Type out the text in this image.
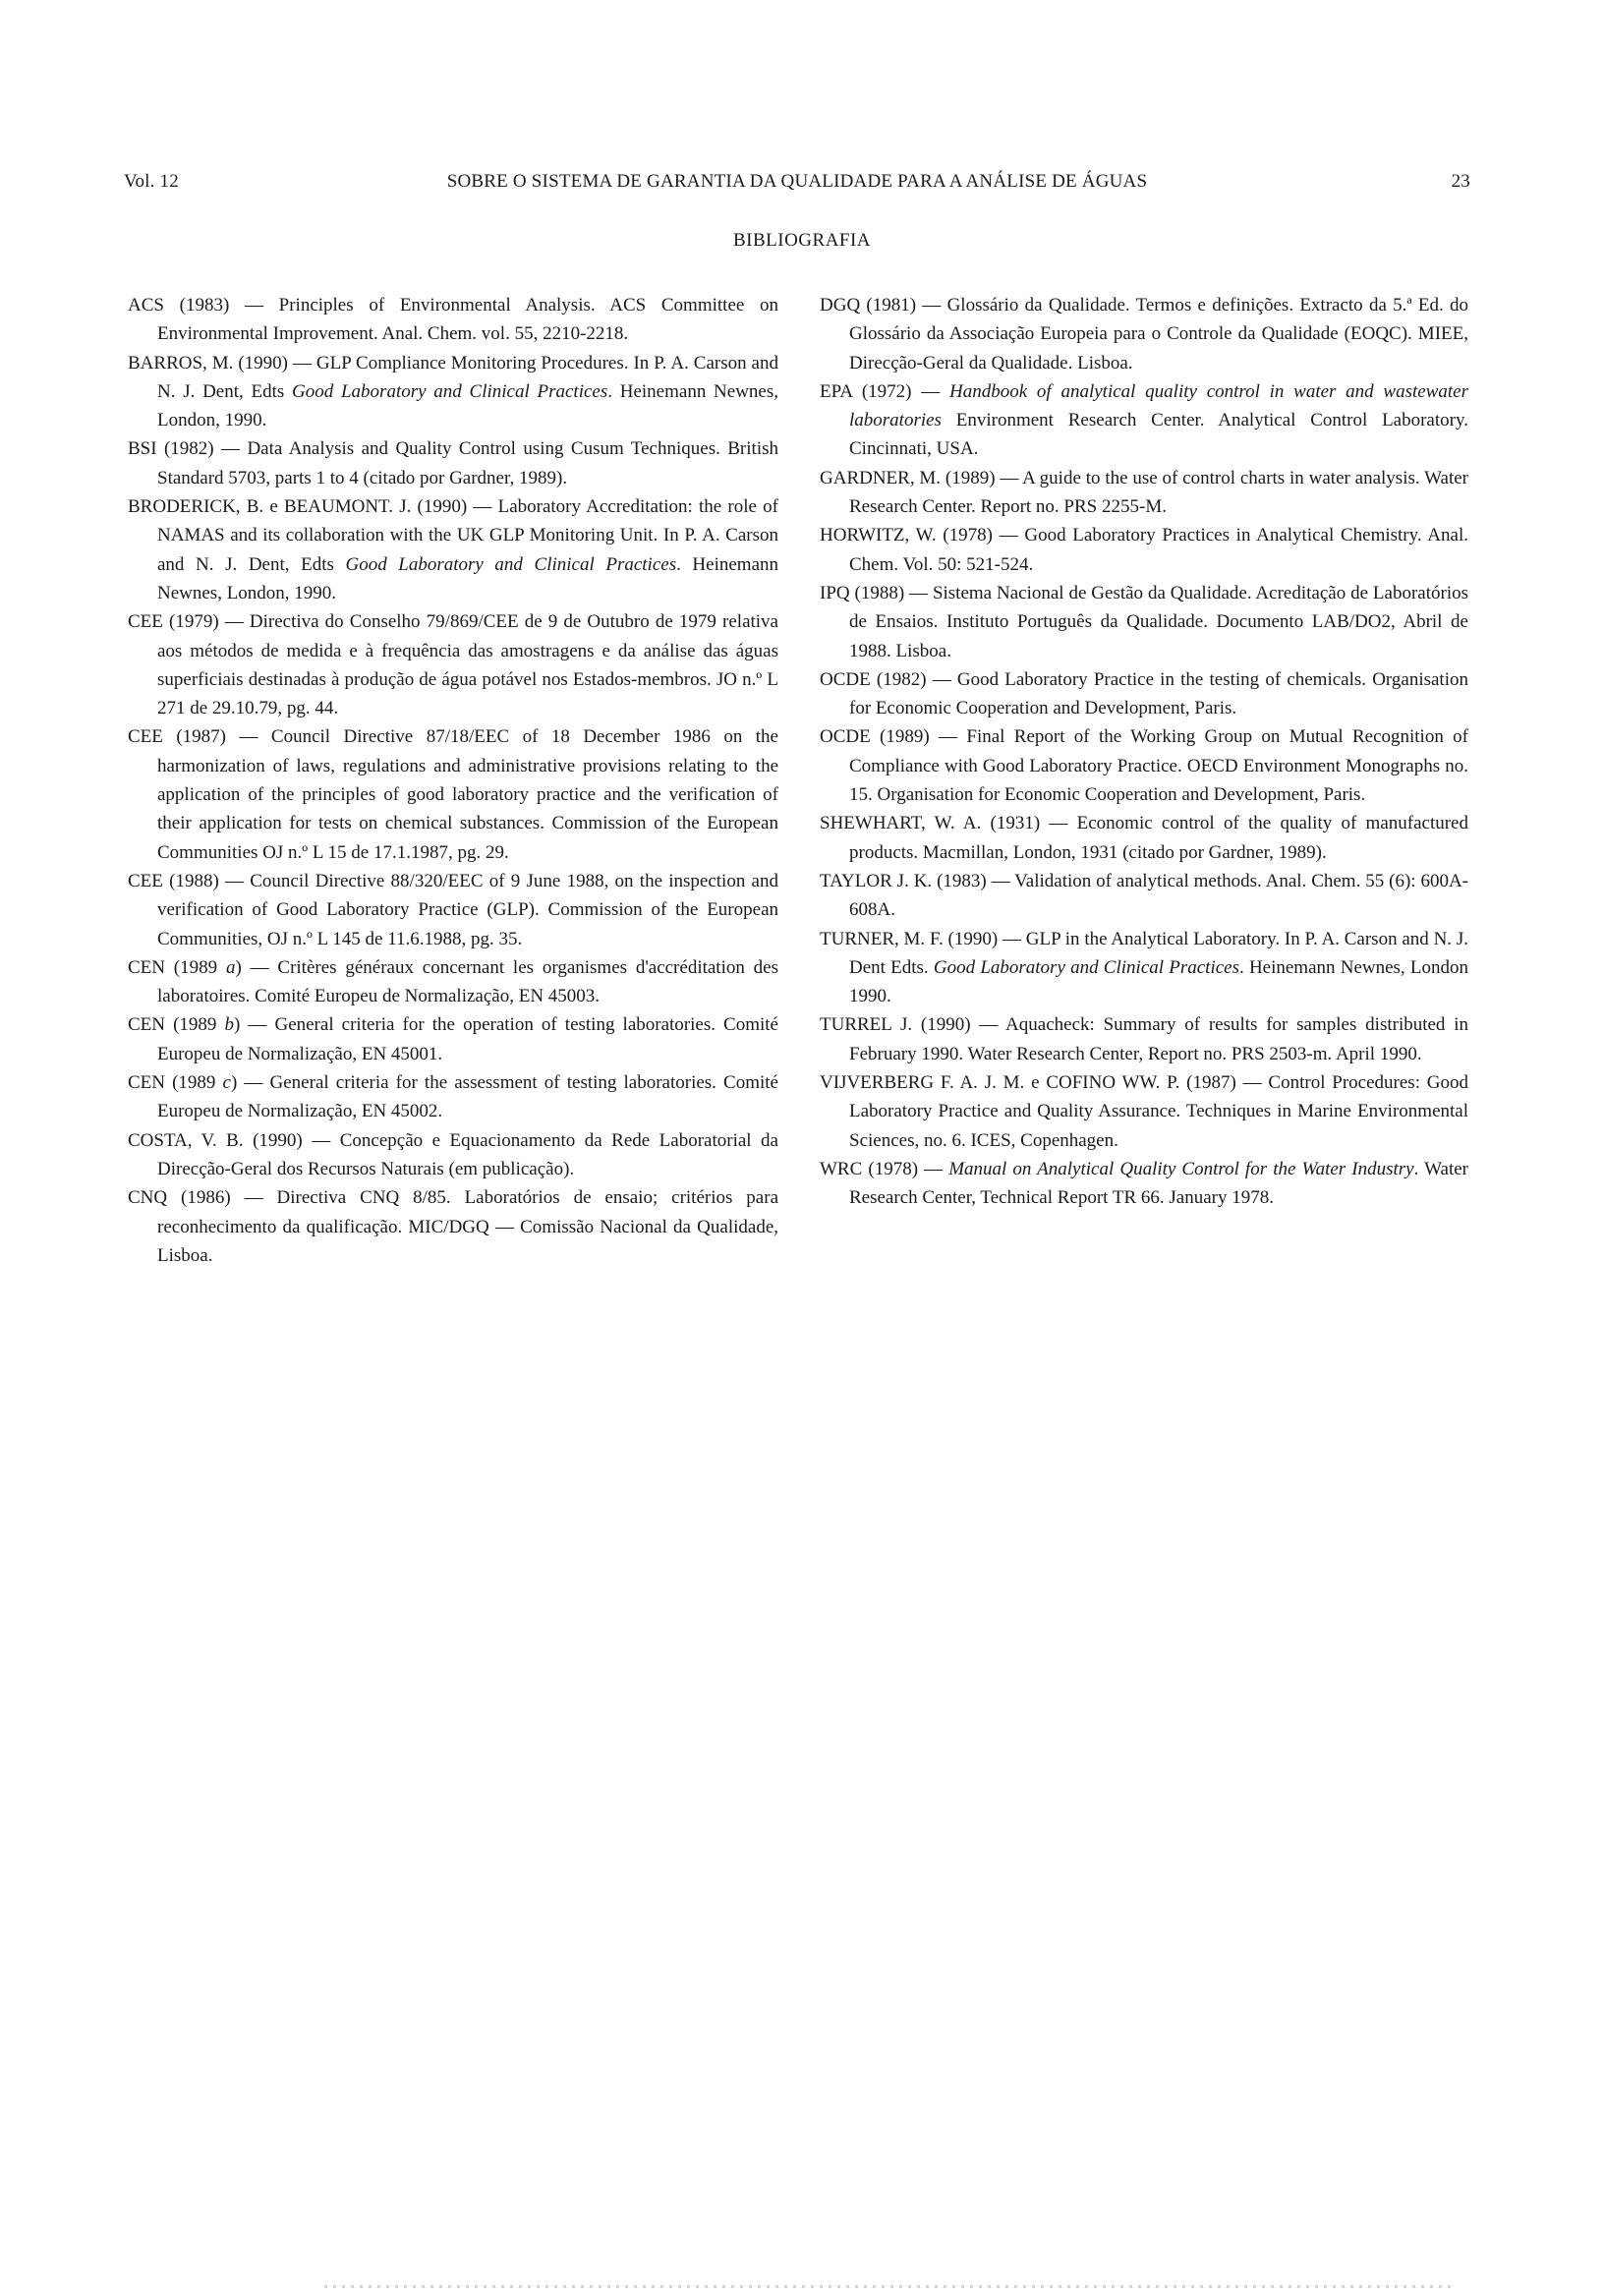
Vol. 12	SOBRE O SISTEMA DE GARANTIA DA QUALIDADE PARA A ANÁLISE DE ÁGUAS	23
BIBLIOGRAFIA

ACS (1983) — Principles of Environmental Analysis. ACS Committee on Environmental Improvement. Anal. Chem. vol. 55, 2210-2218.

BARROS, M. (1990) — GLP Compliance Monitoring Procedures. In P. A. Carson and N. J. Dent, Edts Good Laboratory and Clinical Practices. Heinemann Newnes, London, 1990.

BSI (1982) — Data Analysis and Quality Control using Cusum Techniques. British Standard 5703, parts 1 to 4 (citado por Gardner, 1989).

BRODERICK, B. e BEAUMONT. J. (1990) — Laboratory Accreditation: the role of NAMAS and its collaboration with the UK GLP Monitoring Unit. In P. A. Carson and N. J. Dent, Edts Good Laboratory and Clinical Practices. Heinemann Newnes, London, 1990.

CEE (1979) — Directiva do Conselho 79/869/CEE de 9 de Outubro de 1979 relativa aos métodos de medida e à frequência das amostragens e da análise das águas superficiais destinadas à produção de água potável nos Estados-membros. JO n.º L 271 de 29.10.79, pg. 44.

CEE (1987) — Council Directive 87/18/EEC of 18 December 1986 on the harmonization of laws, regulations and administrative provisions relating to the application of the principles of good laboratory practice and the verification of their application for tests on chemical substances. Commission of the European Communities OJ n.º L 15 de 17.1.1987, pg. 29.

CEE (1988) — Council Directive 88/320/EEC of 9 June 1988, on the inspection and verification of Good Laboratory Practice (GLP). Commission of the European Communities, OJ n.º L 145 de 11.6.1988, pg. 35.

CEN (1989 a) — Critères généraux concernant les organismes d'accréditation des laboratoires. Comité Europeu de Normalização, EN 45003.

CEN (1989 b) — General criteria for the operation of testing laboratories. Comité Europeu de Normalização, EN 45001.

CEN (1989 c) — General criteria for the assessment of testing laboratories. Comité Europeu de Normalização, EN 45002.

COSTA, V. B. (1990) — Concepção e Equacionamento da Rede Laboratorial da Direcção-Geral dos Recursos Naturais (em publicação).

CNQ (1986) — Directiva CNQ 8/85. Laboratórios de ensaio; critérios para reconhecimento da qualificação. MIC/DGQ — Comissão Nacional da Qualidade, Lisboa.

DGQ (1981) — Glossário da Qualidade. Termos e definições. Extracto da 5.ª Ed. do Glossário da Associação Europeia para o Controle da Qualidade (EOQC). MIEE, Direcção-Geral da Qualidade. Lisboa.

EPA (1972) — Handbook of analytical quality control in water and wastewater laboratories Environment Research Center. Analytical Control Laboratory. Cincinnati, USA.

GARDNER, M. (1989) — A guide to the use of control charts in water analysis. Water Research Center. Report no. PRS 2255-M.

HORWITZ, W. (1978) — Good Laboratory Practices in Analytical Chemistry. Anal. Chem. Vol. 50: 521-524.

IPQ (1988) — Sistema Nacional de Gestão da Qualidade. Acreditação de Laboratórios de Ensaios. Instituto Português da Qualidade. Documento LAB/DO2, Abril de 1988. Lisboa.

OCDE (1982) — Good Laboratory Practice in the testing of chemicals. Organisation for Economic Cooperation and Development, Paris.

OCDE (1989) — Final Report of the Working Group on Mutual Recognition of Compliance with Good Laboratory Practice. OECD Environment Monographs no. 15. Organisation for Economic Cooperation and Development, Paris.

SHEWHART, W. A. (1931) — Economic control of the quality of manufactured products. Macmillan, London, 1931 (citado por Gardner, 1989).

TAYLOR J. K. (1983) — Validation of analytical methods. Anal. Chem. 55 (6): 600A-608A.

TURNER, M. F. (1990) — GLP in the Analytical Laboratory. In P. A. Carson and N. J. Dent Edts. Good Laboratory and Clinical Practices. Heinemann Newnes, London 1990.

TURREL J. (1990) — Aquacheck: Summary of results for samples distributed in February 1990. Water Research Center, Report no. PRS 2503-m. April 1990.

VIJVERBERG F. A. J. M. e COFINO WW. P. (1987) — Control Procedures: Good Laboratory Practice and Quality Assurance. Techniques in Marine Environmental Sciences, no. 6. ICES, Copenhagen.

WRC (1978) — Manual on Analytical Quality Control for the Water Industry. Water Research Center, Technical Report TR 66. January 1978.
